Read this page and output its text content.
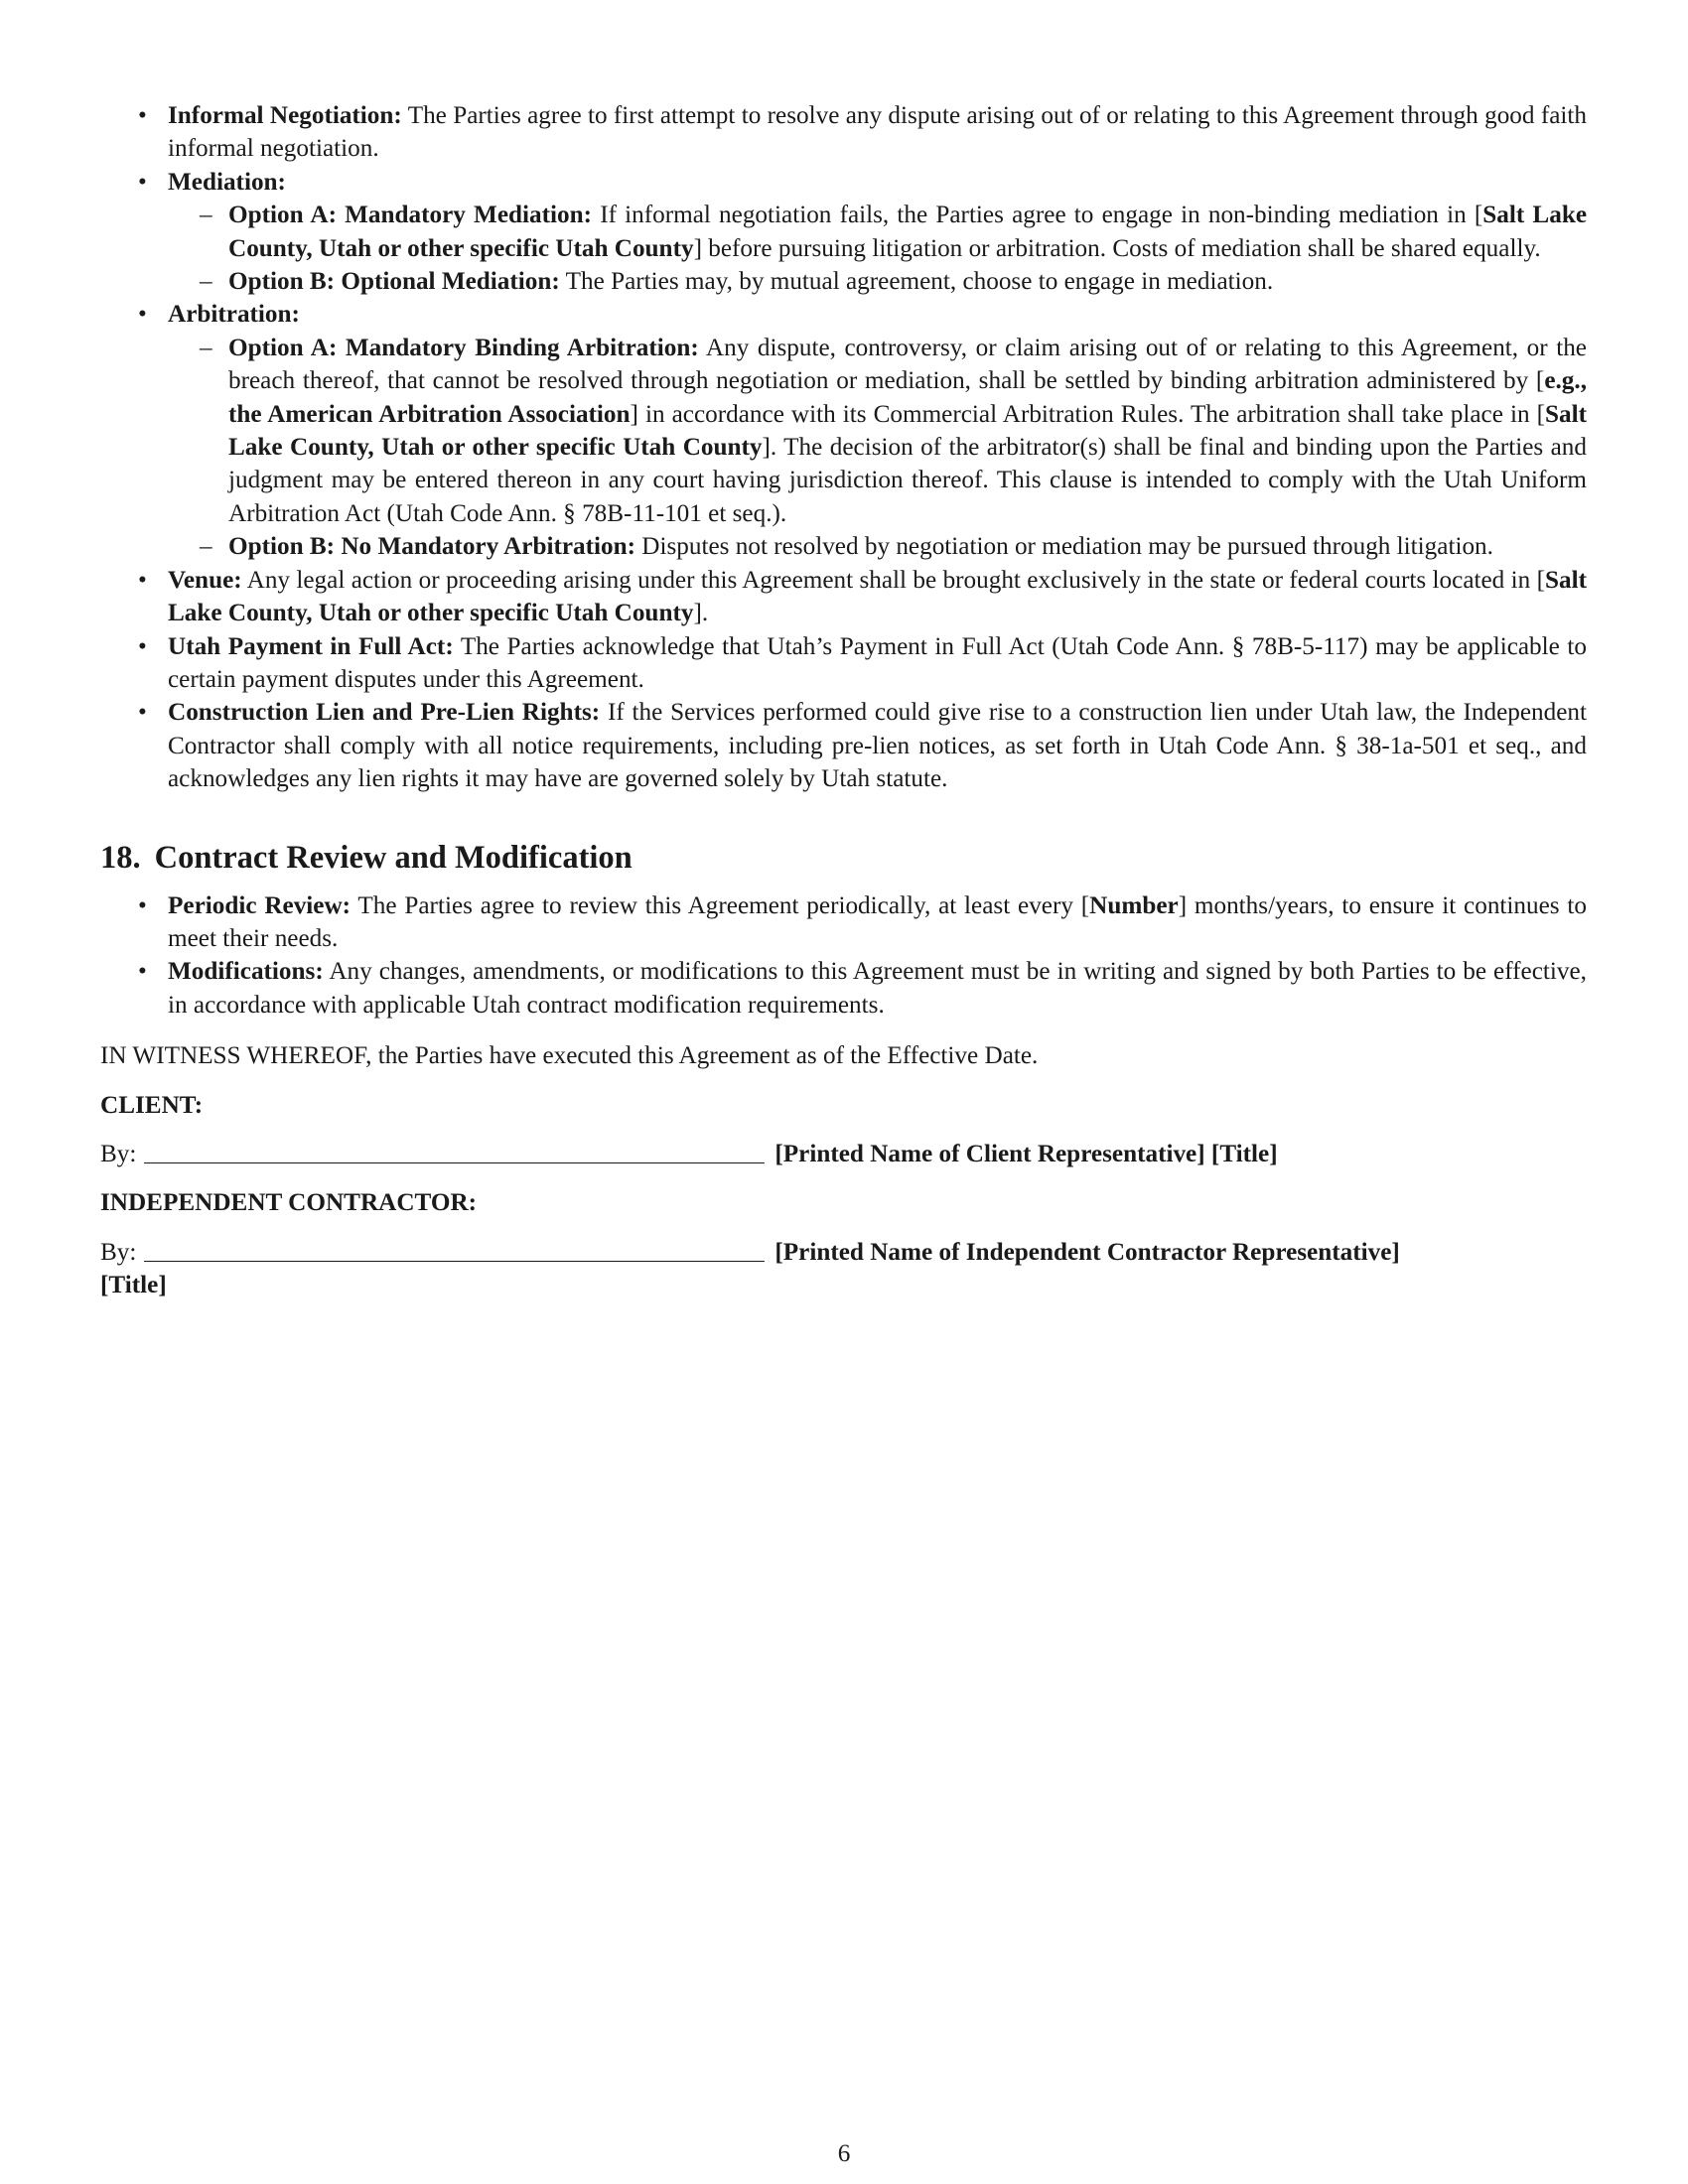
• Informal Negotiation: The Parties agree to first attempt to resolve any dispute arising out of or relating to this Agreement through good faith informal negotiation.
• Mediation:
– Option A: Mandatory Mediation: If informal negotiation fails, the Parties agree to engage in non-binding mediation in [Salt Lake County, Utah or other specific Utah County] before pursuing litigation or arbitration. Costs of mediation shall be shared equally.
– Option B: Optional Mediation: The Parties may, by mutual agreement, choose to engage in mediation.
• Arbitration:
– Option A: Mandatory Binding Arbitration: Any dispute, controversy, or claim arising out of or relating to this Agreement, or the breach thereof, that cannot be resolved through negotiation or mediation, shall be settled by binding arbitration administered by [e.g., the American Arbitration Association] in accordance with its Commercial Arbitration Rules. The arbitration shall take place in [Salt Lake County, Utah or other specific Utah County]. The decision of the arbitrator(s) shall be final and binding upon the Parties and judgment may be entered thereon in any court having jurisdiction thereof. This clause is intended to comply with the Utah Uniform Arbitration Act (Utah Code Ann. § 78B-11-101 et seq.).
– Option B: No Mandatory Arbitration: Disputes not resolved by negotiation or mediation may be pursued through litigation.
• Venue: Any legal action or proceeding arising under this Agreement shall be brought exclusively in the state or federal courts located in [Salt Lake County, Utah or other specific Utah County].
• Utah Payment in Full Act: The Parties acknowledge that Utah’s Payment in Full Act (Utah Code Ann. § 78B-5-117) may be applicable to certain payment disputes under this Agreement.
• Construction Lien and Pre-Lien Rights: If the Services performed could give rise to a construction lien under Utah law, the Independent Contractor shall comply with all notice requirements, including pre-lien notices, as set forth in Utah Code Ann. § 38-1a-501 et seq., and acknowledges any lien rights it may have are governed solely by Utah statute.
18. Contract Review and Modification
• Periodic Review: The Parties agree to review this Agreement periodically, at least every [Number] months/years, to ensure it continues to meet their needs.
• Modifications: Any changes, amendments, or modifications to this Agreement must be in writing and signed by both Parties to be effective, in accordance with applicable Utah contract modification requirements.

IN WITNESS WHEREOF, the Parties have executed this Agreement as of the Effective Date.

CLIENT:

By:	[Printed Name of Client Representative] [Title]

INDEPENDENT CONTRACTOR:

By:	[Printed Name of Independent Contractor Representative]
[Title]

6
